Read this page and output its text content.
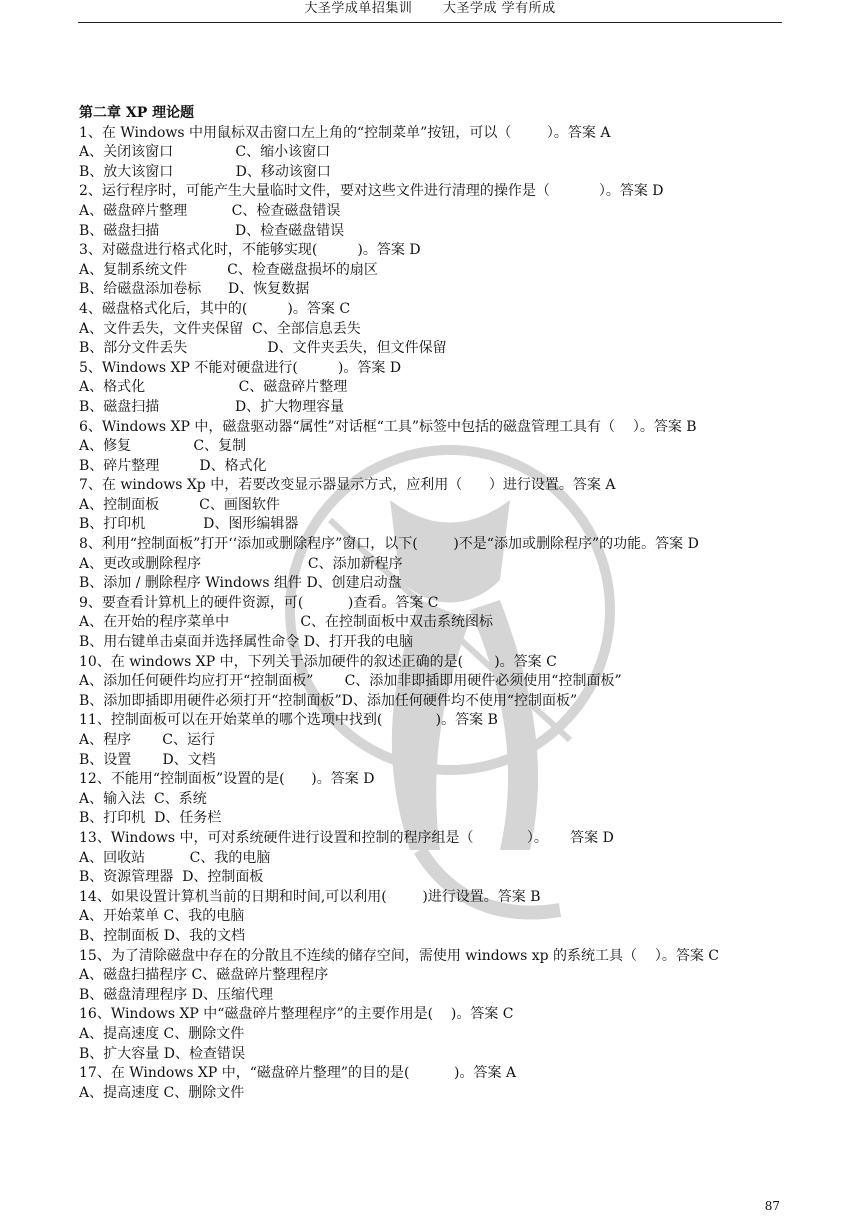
大圣学成单招集训 大圣学成 学有所成
第二章 XP 理论题
1、在 Windows 中用鼠标双击窗口左上角的“控制菜单”按钮，可以（        ）。答案 A
A、关闭该窗口              C、缩小该窗口
B、放大该窗口              D、移动该窗口
2、运行程序时，可能产生大量临时文件，要对这些文件进行清理的操作是（           ）。答案 D
A、磁盘碎片整理          C、检查磁盘错误
B、磁盘扫描                 D、检查磁盘错误
3、对磁盘进行格式化时，不能够实现(         )。答案 D
A、复制系统文件         C、检查磁盘损坏的扇区
B、给磁盘添加卷标      D、恢复数据
4、磁盘格式化后，其中的(         )。答案 C
A、文件丢失，文件夹保留  C、全部信息丢失
B、部分文件丢失                  D、文件夹丢失，但文件保留
5、Windows XP 不能对硬盘进行(         )。答案 D
A、格式化                     C、磁盘碎片整理
B、磁盘扫描                 D、扩大物理容量
6、Windows XP 中，磁盘驱动器“属性”对话框“工具”标签中包括的磁盘管理工具有（    ）。答案 B
A、修复              C、复制
B、碎片整理         D、格式化
7、在 windows Xp 中，若要改变显示器显示方式，应利用（      ）进行设置。答案 A
A、控制面板         C、画图软件
B、打印机             D、图形编辑器
8、利用“控制面板”打开‘‘添加或删除程序”窗口，以下(        )不是“添加或删除程序”的功能。答案 D
A、更改或删除程序                        C、添加新程序
B、添加 / 删除程序 Windows 组件 D、创建启动盘
9、要查看计算机上的硬件资源，可(          )查看。答案 C
A、在开始的程序菜单中                C、在控制面板中双击系统图标
B、用右键单击桌面并选择属性命令 D、打开我的电脑
10、在 windows XP 中，下列关于添加硬件的叙述正确的是(       )。答案 C
A、添加任何硬件均应打开“控制面板”       C、添加非即插即用硬件必须使用“控制面板”
B、添加即插即用硬件必须打开“控制面板”D、添加任何硬件均不使用“控制面板”
11、控制面板可以在开始菜单的哪个选项中找到(            )。答案 B
A、程序       C、运行
B、设置       D、文档
12、不能用“控制面板”设置的是(      )。答案 D
A、输入法  C、系统
B、打印机  D、任务栏
13、Windows 中，可对系统硬件进行设置和控制的程序组是（            ）。     答案 D
A、回收站          C、我的电脑
B、资源管理器  D、控制面板
14、如果设置计算机当前的日期和时间,可以利用(        )进行设置。答案 B
A、开始菜单 C、我的电脑
B、控制面板 D、我的文档
15、为了清除磁盘中存在的分散且不连续的储存空间，需使用 windows xp 的系统工具（    ）。答案 C
A、磁盘扫描程序 C、磁盘碎片整理程序
B、磁盘清理程序 D、压缩代理
16、Windows XP 中“磁盘碎片整理程序”的主要作用是(    )。答案 C
A、提高速度 C、删除文件
B、扩大容量 D、检查错误
17、在 Windows XP 中，“磁盘碎片整理”的目的是(          )。答案 A
A、提高速度 C、删除文件
87
